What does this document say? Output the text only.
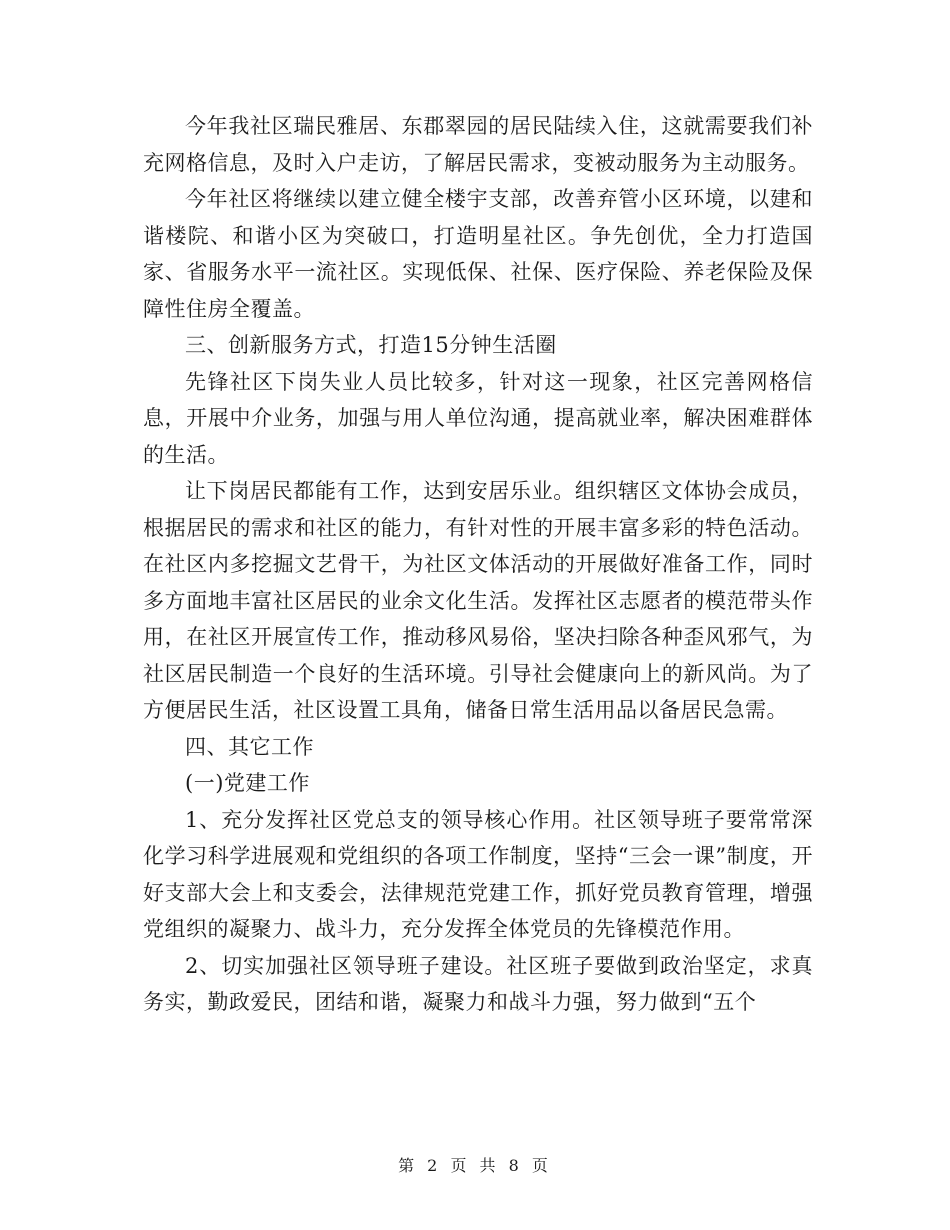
今年我社区瑞民雅居、东郡翠园的居民陆续入住，这就需要我们补充网格信息，及时入户走访，了解居民需求，变被动服务为主动服务。

今年社区将继续以建立健全楼宇支部，改善弃管小区环境，以建和谐楼院、和谐小区为突破口，打造明星社区。争先创优，全力打造国家、省服务水平一流社区。实现低保、社保、医疗保险、养老保险及保障性住房全覆盖。

三、创新服务方式，打造15分钟生活圈

先锋社区下岗失业人员比较多，针对这一现象，社区完善网格信息，开展中介业务，加强与用人单位沟通，提高就业率，解决困难群体的生活。

让下岗居民都能有工作，达到安居乐业。组织辖区文体协会成员，根据居民的需求和社区的能力，有针对性的开展丰富多彩的特色活动。在社区内多挖掘文艺骨干，为社区文体活动的开展做好准备工作，同时多方面地丰富社区居民的业余文化生活。发挥社区志愿者的模范带头作用，在社区开展宣传工作，推动移风易俗，坚决扫除各种歪风邪气，为社区居民制造一个良好的生活环境。引导社会健康向上的新风尚。为了方便居民生活，社区设置工具角，储备日常生活用品以备居民急需。

四、其它工作

(一)党建工作

1、充分发挥社区党总支的领导核心作用。社区领导班子要常常深化学习科学进展观和党组织的各项工作制度，坚持“三会一课”制度，开好支部大会上和支委会，法律规范党建工作，抓好党员教育管理，增强党组织的凝聚力、战斗力，充分发挥全体党员的先锋模范作用。

2、切实加强社区领导班子建设。社区班子要做到政治坚定，求真务实，勤政爱民，团结和谐，凝聚力和战斗力强，努力做到“五个

第 2 页 共 8 页
